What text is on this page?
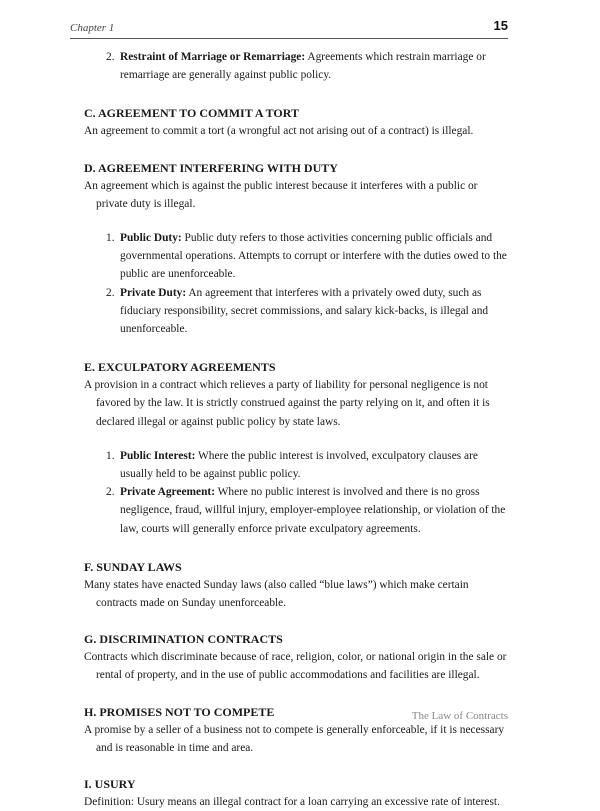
Chapter 1	15
2. Restraint of Marriage or Remarriage: Agreements which restrain marriage or remarriage are generally against public policy.
C. AGREEMENT TO COMMIT A TORT

An agreement to commit a tort (a wrongful act not arising out of a contract) is illegal.

D. AGREEMENT INTERFERING WITH DUTY

An agreement which is against the public interest because it interferes with a public or private duty is illegal.

1. Public Duty: Public duty refers to those activities concerning public officials and governmental operations. Attempts to corrupt or interfere with the duties owed to the public are unenforceable.
2. Private Duty: An agreement that interferes with a privately owed duty, such as fiduciary responsibility, secret commissions, and salary kick-backs, is illegal and unenforceable.
E. EXCULPATORY AGREEMENTS

A provision in a contract which relieves a party of liability for personal negligence is not favored by the law. It is strictly construed against the party relying on it, and often it is declared illegal or against public policy by state laws.

1. Public Interest: Where the public interest is involved, exculpatory clauses are usually held to be against public policy.
2. Private Agreement: Where no public interest is involved and there is no gross negligence, fraud, willful injury, employer-employee relationship, or violation of the law, courts will generally enforce private exculpatory agreements.
F. SUNDAY LAWS

Many states have enacted Sunday laws (also called “blue laws”) which make certain contracts made on Sunday unenforceable.

G. DISCRIMINATION CONTRACTS

Contracts which discriminate because of race, religion, color, or national origin in the sale or rental of property, and in the use of public accommodations and facilities are illegal.

H. PROMISES NOT TO COMPETE

A promise by a seller of a business not to compete is generally enforceable, if it is necessary and is reasonable in time and area.

I. USURY

Definition: Usury means an illegal contract for a loan carrying an excessive rate of interest.

The Law of Contracts
